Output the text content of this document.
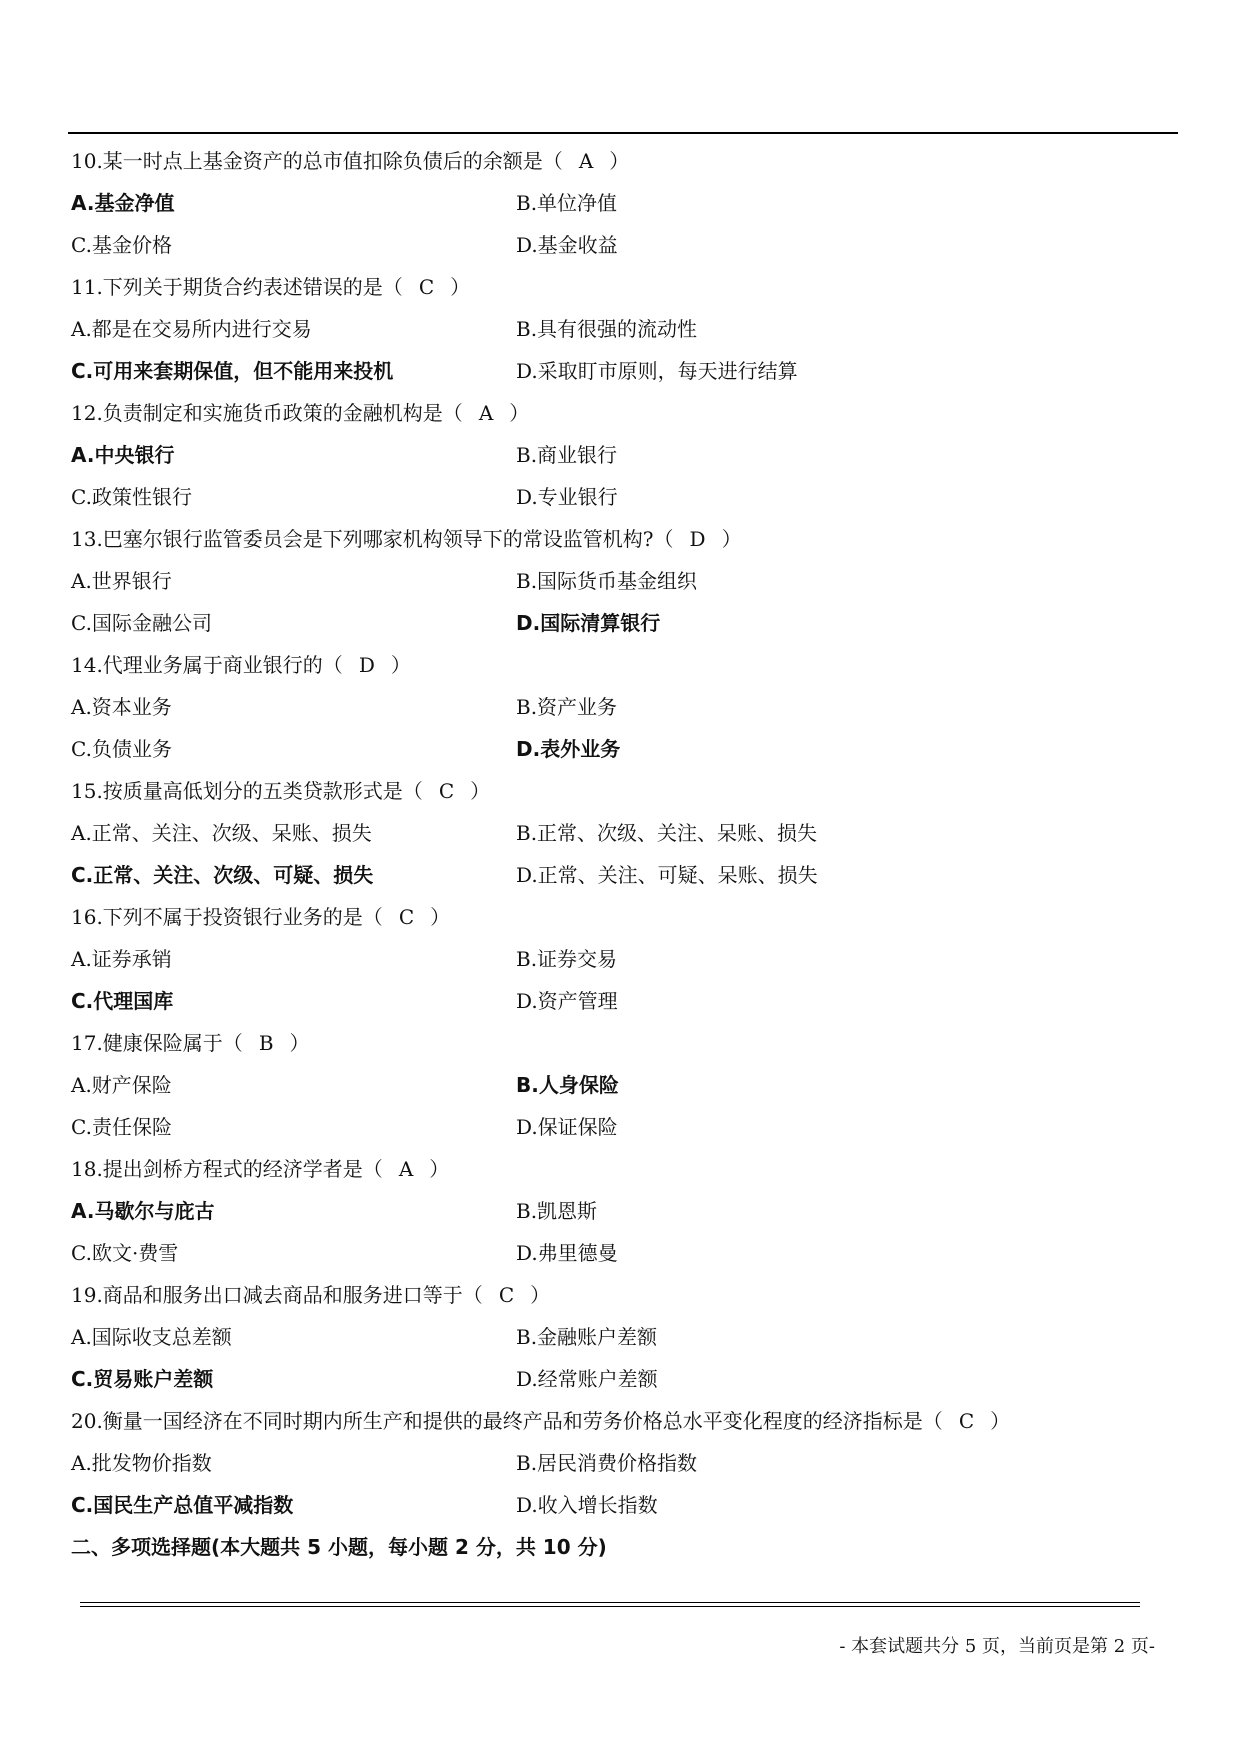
10.某一时点上基金资产的总市值扣除负债后的余额是（ A ）
A.基金净值	B.单位净值
C.基金价格	D.基金收益
11.下列关于期货合约表述错误的是（ C ）
A.都是在交易所内进行交易	B.具有很强的流动性
C.可用来套期保值，但不能用来投机	D.采取盯市原则，每天进行结算
12.负责制定和实施货币政策的金融机构是（ A ）
A.中央银行	B.商业银行
C.政策性银行	D.专业银行
13.巴塞尔银行监管委员会是下列哪家机构领导下的常设监管机构?（ D ）
A.世界银行	B.国际货币基金组织
C.国际金融公司	D.国际清算银行
14.代理业务属于商业银行的（ D ）
A.资本业务	B.资产业务
C.负债业务	D.表外业务
15.按质量高低划分的五类贷款形式是（ C ）
A.正常、关注、次级、呆账、损失	B.正常、次级、关注、呆账、损失
C.正常、关注、次级、可疑、损失	D.正常、关注、可疑、呆账、损失
16.下列不属于投资银行业务的是（ C ）
A.证券承销	B.证券交易
C.代理国库	D.资产管理
17.健康保险属于（ B ）
A.财产保险	B.人身保险
C.责任保险	D.保证保险
18.提出剑桥方程式的经济学者是（ A ）
A.马歇尔与庇古	B.凯恩斯
C.欧文·费雪	D.弗里德曼
19.商品和服务出口减去商品和服务进口等于（ C ）
A.国际收支总差额	B.金融账户差额
C.贸易账户差额	D.经常账户差额
20.衡量一国经济在不同时期内所生产和提供的最终产品和劳务价格总水平变化程度的经济指标是（ C ）
A.批发物价指数	B.居民消费价格指数
C.国民生产总值平减指数	D.收入增长指数
二、多项选择题(本大题共 5 小题，每小题 2 分，共 10 分)
- 本套试题共分 5 页，当前页是第 2 页-
